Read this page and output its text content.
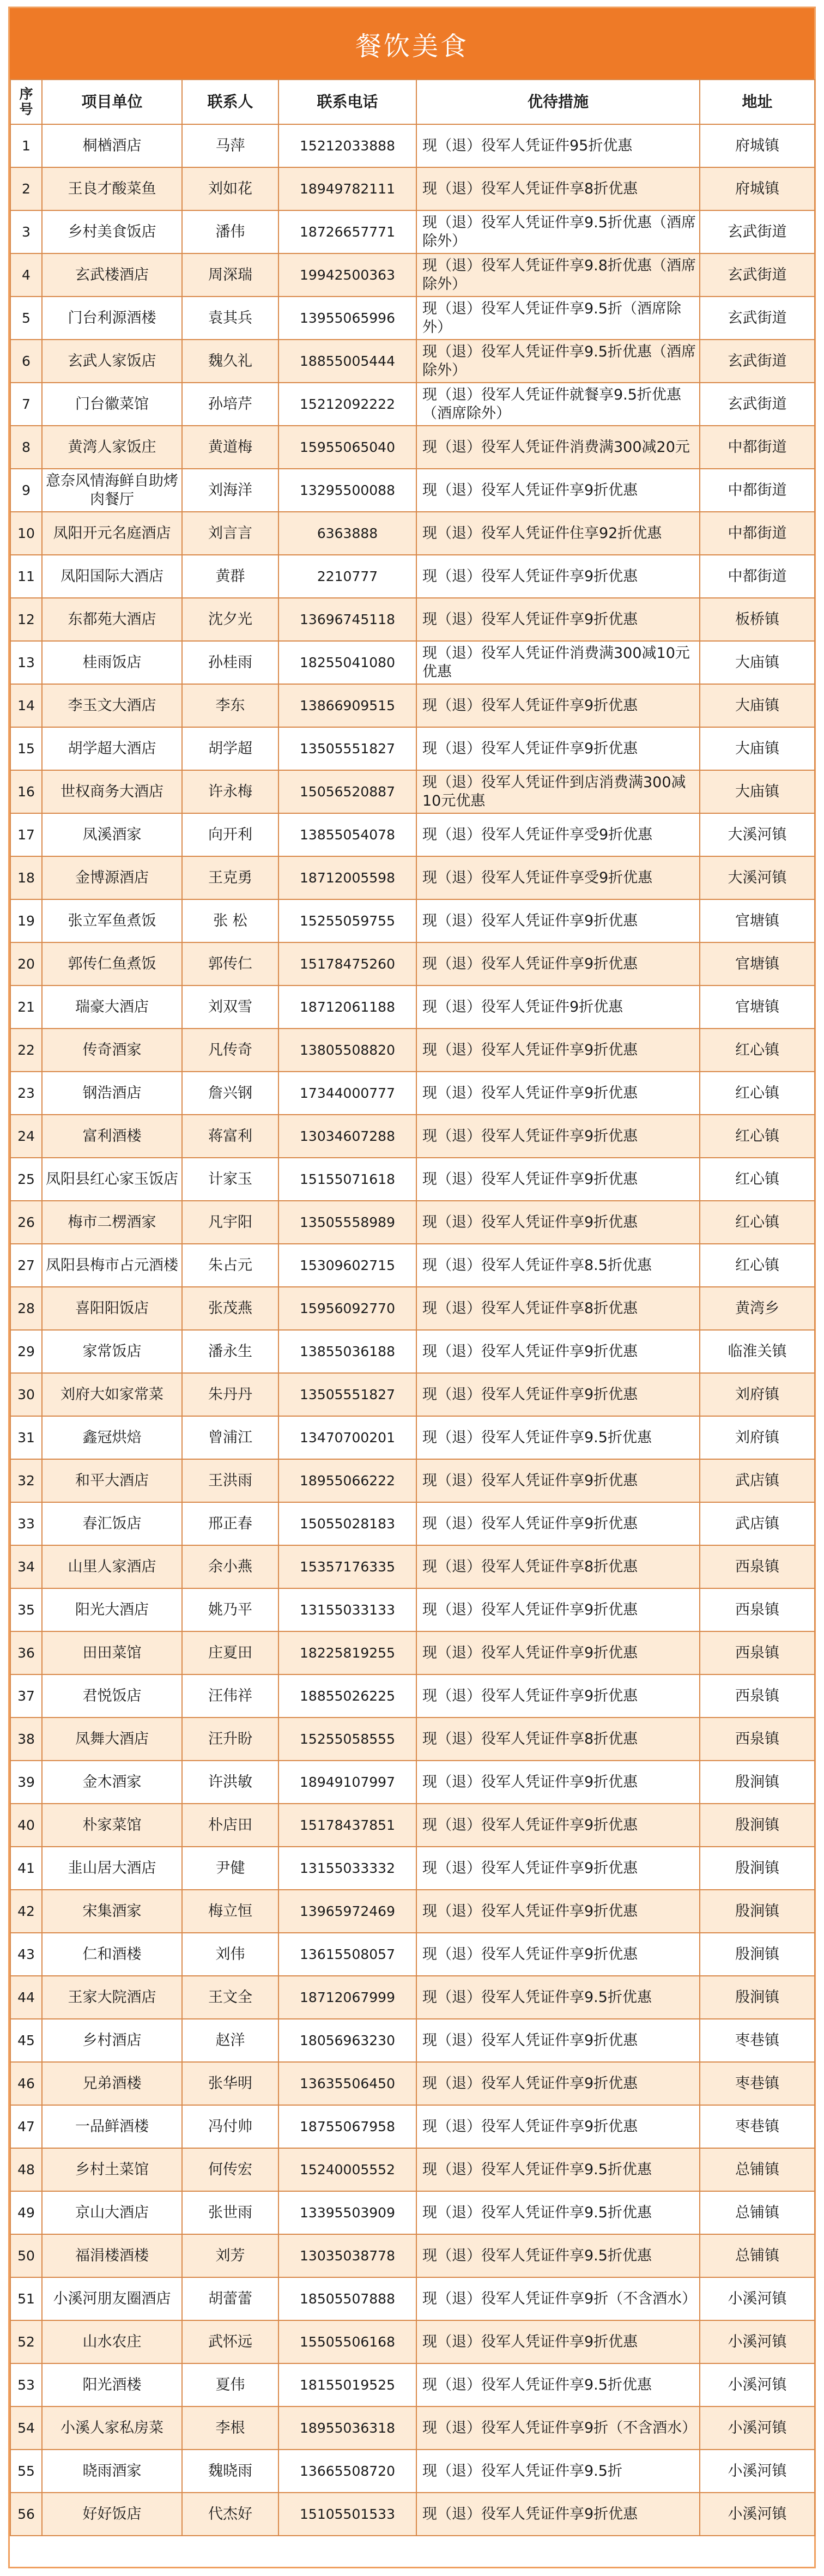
餐饮美食
序号	项目单位	联系人	联系电话	优待措施	地址
1	桐楢酒店	马萍	15212033888	现（退）役军人凭证件95折优惠	府城镇
2	王良才酸菜鱼	刘如花	18949782111	现（退）役军人凭证件享8折优惠	府城镇
3	乡村美食饭店	潘伟	18726657771	现（退）役军人凭证件享9.5折优惠（酒席除外）	玄武街道
4	玄武楼酒店	周深瑞	19942500363	现（退）役军人凭证件享9.8折优惠（酒席除外）	玄武街道
5	门台利源酒楼	袁其兵	13955065996	现（退）役军人凭证件享9.5折（酒席除外）	玄武街道
6	玄武人家饭店	魏久礼	18855005444	现（退）役军人凭证件享9.5折优惠（酒席除外）	玄武街道
7	门台徽菜馆	孙培芹	15212092222	现（退）役军人凭证件就餐享9.5折优惠（酒席除外）	玄武街道
8	黄湾人家饭庄	黄道梅	15955065040	现（退）役军人凭证件消费满300减20元	中都街道
9	意奈风情海鲜自助烤肉餐厅	刘海洋	13295500088	现（退）役军人凭证件享9折优惠	中都街道
10	凤阳开元名庭酒店	刘言言	6363888	现（退）役军人凭证件住享92折优惠	中都街道
11	凤阳国际大酒店	黄群	2210777	现（退）役军人凭证件享9折优惠	中都街道
12	东都苑大酒店	沈夕光	13696745118	现（退）役军人凭证件享9折优惠	板桥镇
13	桂雨饭店	孙桂雨	18255041080	现（退）役军人凭证件消费满300减10元优惠	大庙镇
14	李玉文大酒店	李东	13866909515	现（退）役军人凭证件享9折优惠	大庙镇
15	胡学超大酒店	胡学超	13505551827	现（退）役军人凭证件享9折优惠	大庙镇
16	世权商务大酒店	许永梅	15056520887	现（退）役军人凭证件到店消费满300减10元优惠	大庙镇
17	凤溪酒家	向开利	13855054078	现（退）役军人凭证件享受9折优惠	大溪河镇
18	金博源酒店	王克勇	18712005598	现（退）役军人凭证件享受9折优惠	大溪河镇
19	张立军鱼煮饭	张 松	15255059755	现（退）役军人凭证件享9折优惠	官塘镇
20	郭传仁鱼煮饭	郭传仁	15178475260	现（退）役军人凭证件享9折优惠	官塘镇
21	瑞豪大酒店	刘双雪	18712061188	现（退）役军人凭证件9折优惠	官塘镇
22	传奇酒家	凡传奇	13805508820	现（退）役军人凭证件享9折优惠	红心镇
23	钢浩酒店	詹兴钢	17344000777	现（退）役军人凭证件享9折优惠	红心镇
24	富利酒楼	蒋富利	13034607288	现（退）役军人凭证件享9折优惠	红心镇
25	凤阳县红心家玉饭店	计家玉	15155071618	现（退）役军人凭证件享9折优惠	红心镇
26	梅市二楞酒家	凡宇阳	13505558989	现（退）役军人凭证件享9折优惠	红心镇
27	凤阳县梅市占元酒楼	朱占元	15309602715	现（退）役军人凭证件享8.5折优惠	红心镇
28	喜阳阳饭店	张茂燕	15956092770	现（退）役军人凭证件享8折优惠	黄湾乡
29	家常饭店	潘永生	13855036188	现（退）役军人凭证件享9折优惠	临淮关镇
30	刘府大如家常菜	朱丹丹	13505551827	现（退）役军人凭证件享9折优惠	刘府镇
31	鑫冠烘焙	曾浦江	13470700201	现（退）役军人凭证件享9.5折优惠	刘府镇
32	和平大酒店	王洪雨	18955066222	现（退）役军人凭证件享9折优惠	武店镇
33	春汇饭店	邢正春	15055028183	现（退）役军人凭证件享9折优惠	武店镇
34	山里人家酒店	余小燕	15357176335	现（退）役军人凭证件享8折优惠	西泉镇
35	阳光大酒店	姚乃平	13155033133	现（退）役军人凭证件享9折优惠	西泉镇
36	田田菜馆	庄夏田	18225819255	现（退）役军人凭证件享9折优惠	西泉镇
37	君悦饭店	汪伟祥	18855026225	现（退）役军人凭证件享9折优惠	西泉镇
38	凤舞大酒店	汪升盼	15255058555	现（退）役军人凭证件享8折优惠	西泉镇
39	金木酒家	许洪敏	18949107997	现（退）役军人凭证件享9折优惠	殷涧镇
40	朴家菜馆	朴店田	15178437851	现（退）役军人凭证件享9折优惠	殷涧镇
41	韭山居大酒店	尹健	13155033332	现（退）役军人凭证件享9折优惠	殷涧镇
42	宋集酒家	梅立恒	13965972469	现（退）役军人凭证件享9折优惠	殷涧镇
43	仁和酒楼	刘伟	13615508057	现（退）役军人凭证件享9折优惠	殷涧镇
44	王家大院酒店	王文全	18712067999	现（退）役军人凭证件享9.5折优惠	殷涧镇
45	乡村酒店	赵洋	18056963230	现（退）役军人凭证件享9折优惠	枣巷镇
46	兄弟酒楼	张华明	13635506450	现（退）役军人凭证件享9折优惠	枣巷镇
47	一品鲜酒楼	冯付帅	18755067958	现（退）役军人凭证件享9折优惠	枣巷镇
48	乡村土菜馆	何传宏	15240005552	现（退）役军人凭证件享9.5折优惠	总铺镇
49	京山大酒店	张世雨	13395503909	现（退）役军人凭证件享9.5折优惠	总铺镇
50	福涓楼酒楼	刘芳	13035038778	现（退）役军人凭证件享9.5折优惠	总铺镇
51	小溪河朋友圈酒店	胡蕾蕾	18505507888	现（退）役军人凭证件享9折（不含酒水）	小溪河镇
52	山水农庄	武怀远	15505506168	现（退）役军人凭证件享9折优惠	小溪河镇
53	阳光酒楼	夏伟	18155019525	现（退）役军人凭证件享9.5折优惠	小溪河镇
54	小溪人家私房菜	李根	18955036318	现（退）役军人凭证件享9折（不含酒水）	小溪河镇
55	晓雨酒家	魏晓雨	13665508720	现（退）役军人凭证件享9.5折	小溪河镇
56	好好饭店	代杰好	15105501533	现（退）役军人凭证件享9折优惠	小溪河镇
